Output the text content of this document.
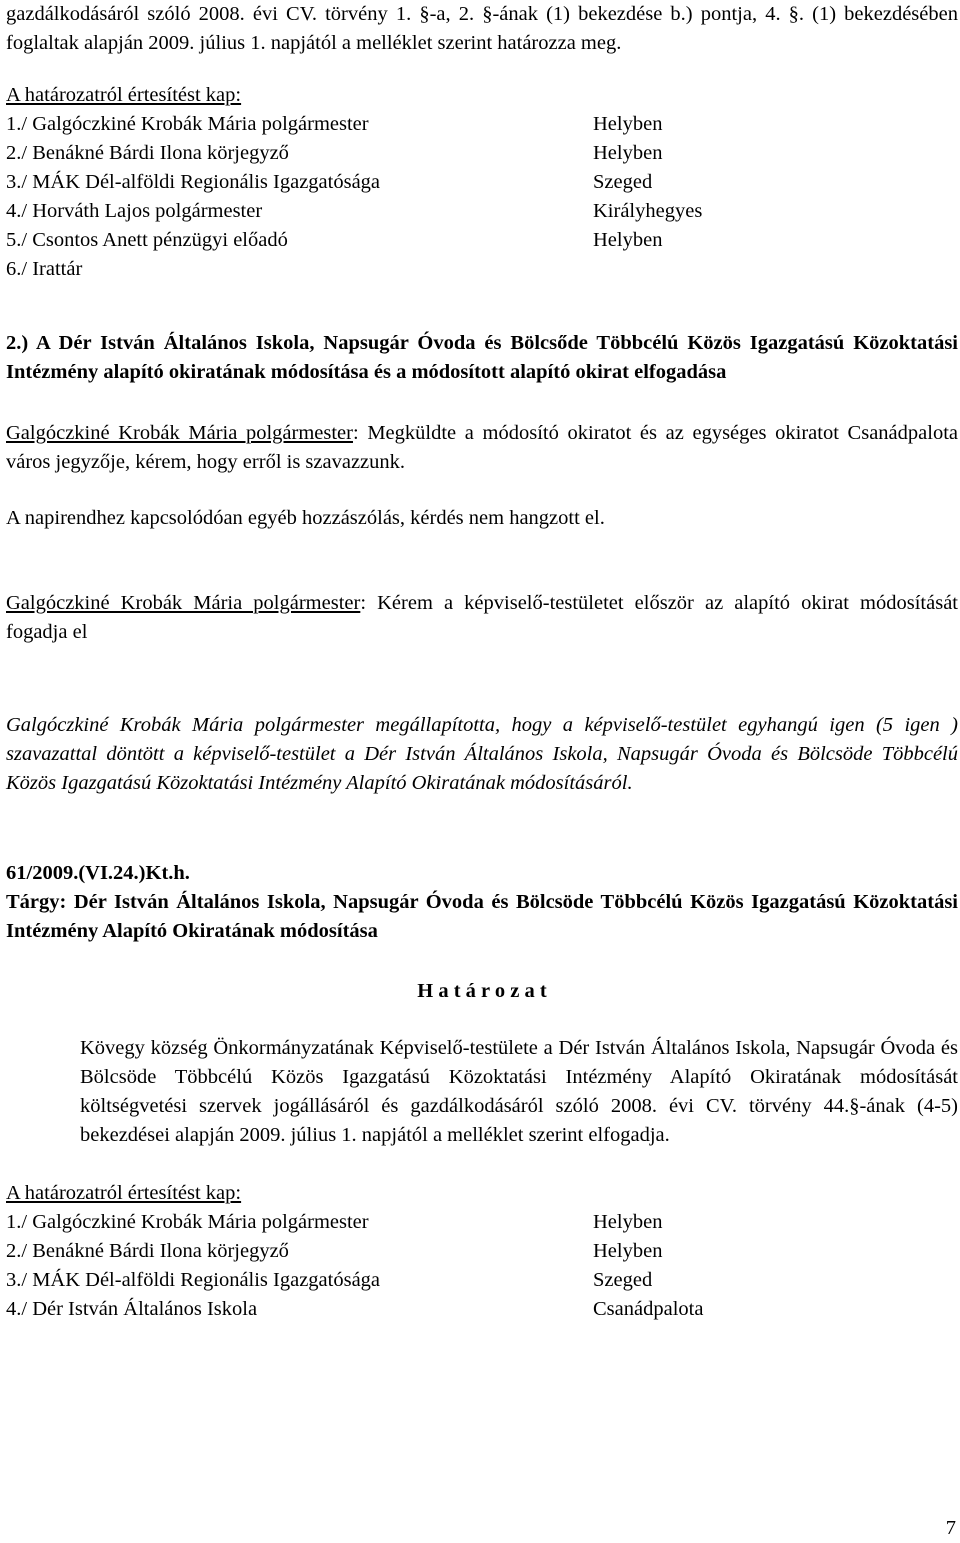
gazdálkodásáról szóló 2008. évi CV. törvény 1. §-a, 2. §-ának (1) bekezdése b.) pontja, 4. §. (1) bekezdésében foglaltak alapján 2009. július 1. napjától a melléklet szerint határozza meg.

A határozatról értesítést kap:

1./ Galgóczkiné Krobák Mária polgármester	Helyben
2./ Benákné Bárdi Ilona körjegyző	Helyben
3./ MÁK Dél-alföldi Regionális Igazgatósága	Szeged
4./ Horváth Lajos polgármester	Királyhegyes
5./ Csontos Anett pénzügyi előadó	Helyben
6./ Irattár

2.) A Dér István Általános Iskola, Napsugár Óvoda és Bölcsőde Többcélú Közös Igazgatású Közoktatási Intézmény alapító okiratának módosítása és a módosított alapító okirat elfogadása

Galgóczkiné Krobák Mária polgármester: Megküldte a módosító okiratot és az egységes okiratot Csanádpalota város jegyzője, kérem, hogy erről is szavazzunk.

A napirendhez kapcsolódóan egyéb hozzászólás, kérdés nem hangzott el.

Galgóczkiné Krobák Mária polgármester: Kérem a képviselő-testületet először az alapító okirat módosítását fogadja el

Galgóczkiné Krobák Mária polgármester megállapította, hogy a képviselő-testület egyhangú igen (5 igen ) szavazattal döntött a képviselő-testület a Dér István Általános Iskola, Napsugár Óvoda és Bölcsöde Többcélú Közös Igazgatású Közoktatási Intézmény Alapító Okiratának módosításáról.

61/2009.(VI.24.)Kt.h.

Tárgy: Dér István Általános Iskola, Napsugár Óvoda és Bölcsöde Többcélú Közös Igazgatású Közoktatási Intézmény Alapító Okiratának módosítása

H a t á r o z a t

Kövegy község Önkormányzatának Képviselő-testülete a Dér István Általános Iskola, Napsugár Óvoda és Bölcsöde Többcélú Közös Igazgatású Közoktatási Intézmény Alapító Okiratának módosítását költségvetési szervek jogállásáról és gazdálkodásáról szóló 2008. évi CV. törvény 44.§-ának (4-5) bekezdései alapján 2009. július 1. napjától a melléklet szerint elfogadja.

A határozatról értesítést kap:

1./ Galgóczkiné Krobák Mária polgármester	Helyben
2./ Benákné Bárdi Ilona körjegyző	Helyben
3./ MÁK Dél-alföldi Regionális Igazgatósága	Szeged
4./ Dér István Általános Iskola	Csanádpalota
7
